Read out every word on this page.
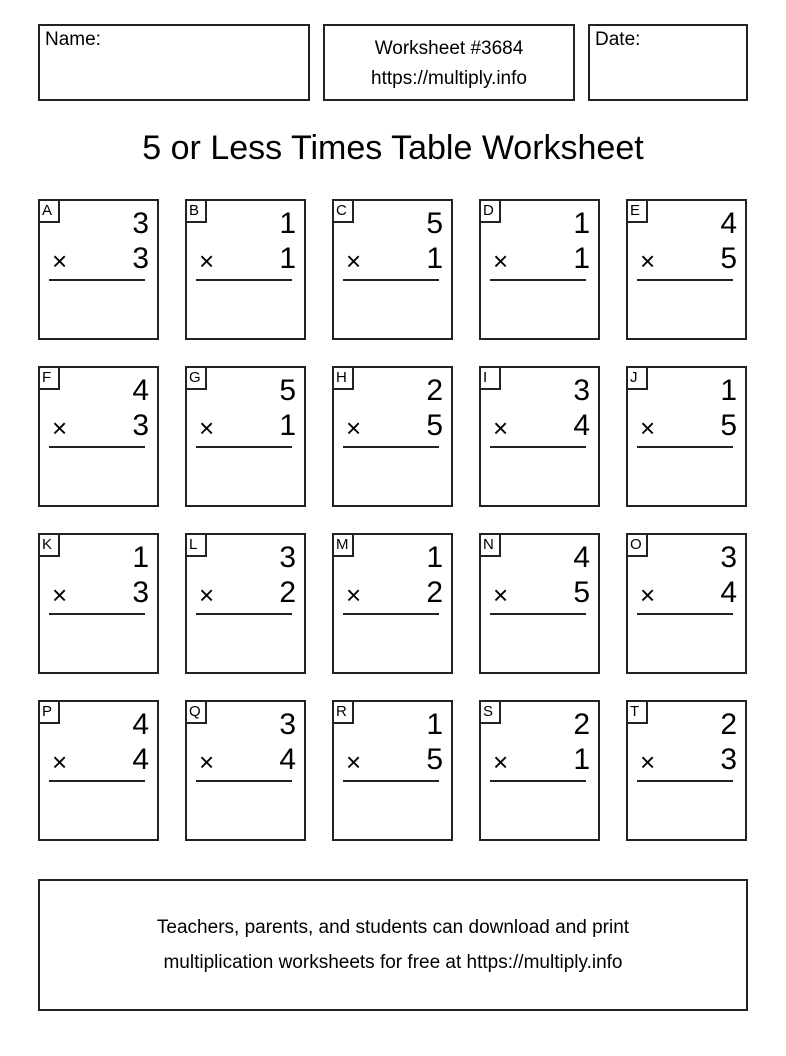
Name:	Worksheet #3684
https://multiply.info
Date:
5 or Less Times Table Worksheet
A	3
× 3
B	1
× 1
C	5
× 1
D	1
× 1
E	4
× 5
F	4
× 3
G	5
× 1
H	2
× 5
I	3
× 4
J	1
× 5
K	1
× 3
L	3
× 2
M	1
× 2
N	4
× 5
O	3
× 4
P	4
× 4
Q	3
× 4
R	1
× 5
S	2
× 1
T	2
× 3
Teachers, parents, and students can download and print
multiplication worksheets for free at https://multiply.info
